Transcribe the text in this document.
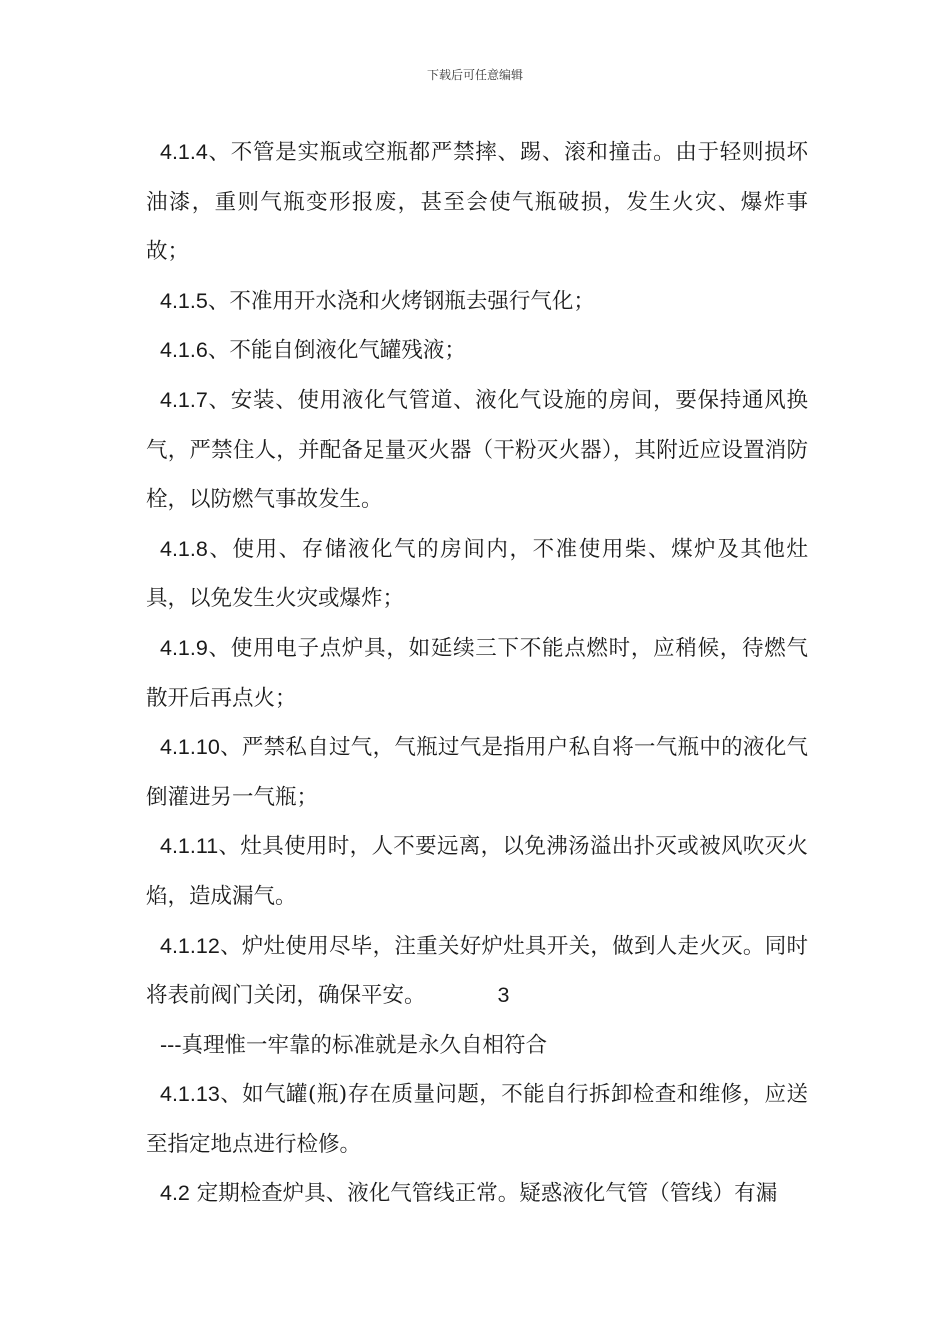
下载后可任意编辑

4.1.4、不管是实瓶或空瓶都严禁摔、踢、滚和撞击。由于轻则损坏油漆，重则气瓶变形报废，甚至会使气瓶破损，发生火灾、爆炸事故；

4.1.5、不准用开水浇和火烤钢瓶去强行气化；

4.1.6、不能自倒液化气罐残液；

4.1.7、安装、使用液化气管道、液化气设施的房间，要保持通风换气，严禁住人，并配备足量灭火器（干粉灭火器），其附近应设置消防栓，以防燃气事故发生。

4.1.8、使用、存储液化气的房间内，不准使用柴、煤炉及其他灶具，以免发生火灾或爆炸；

4.1.9、使用电子点炉具，如延续三下不能点燃时，应稍候，待燃气散开后再点火；

4.1.10、严禁私自过气，气瓶过气是指用户私自将一气瓶中的液化气倒灌进另一气瓶；

4.1.11、灶具使用时，人不要远离，以免沸汤溢出扑灭或被风吹灭火焰，造成漏气。

4.1.12、炉灶使用尽毕，注重关好炉灶具开关，做到人走火灭。同时将表前阀门关闭，确保平安。	3

---真理惟一牢靠的标准就是永久自相符合

4.1.13、如气罐(瓶)存在质量问题，不能自行拆卸检查和维修，应送至指定地点进行检修。

4.2 定期检查炉具、液化气管线正常。疑惑液化气管（管线）有漏
